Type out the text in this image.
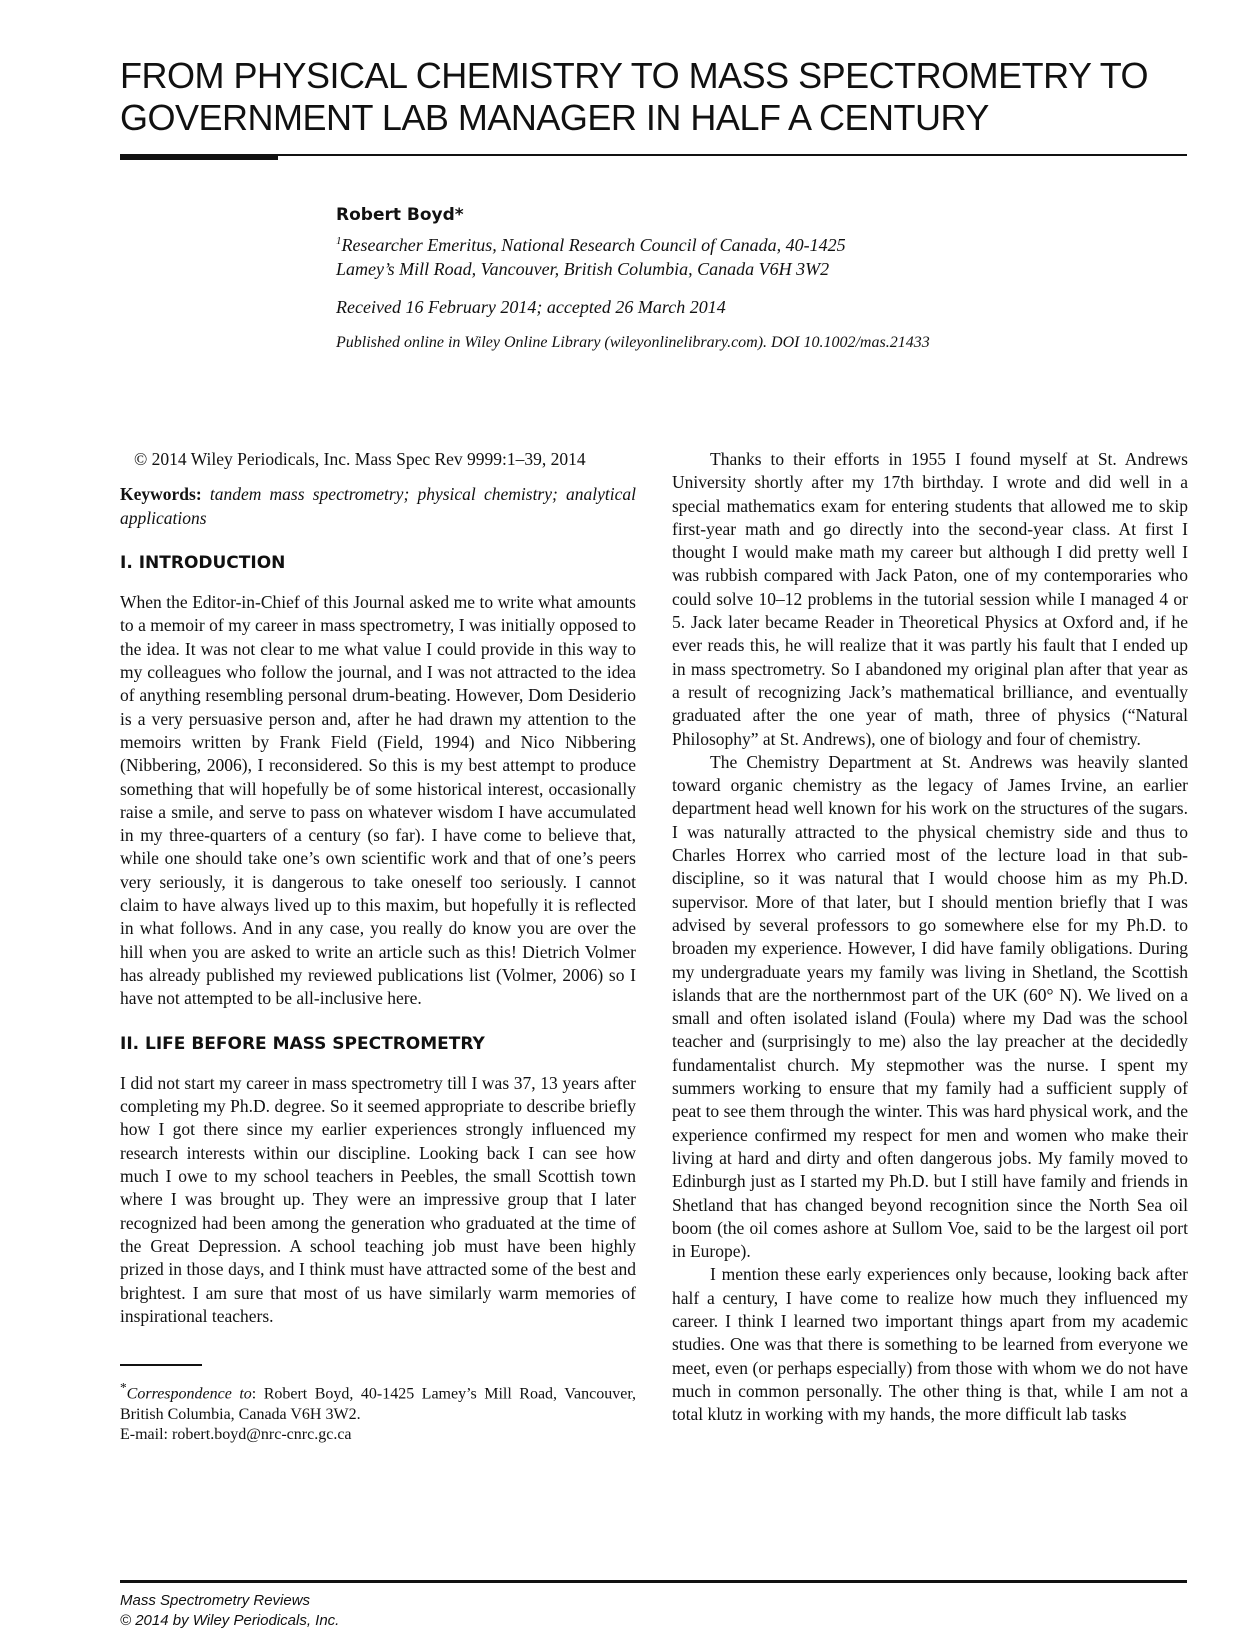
FROM PHYSICAL CHEMISTRY TO MASS SPECTROMETRY TO GOVERNMENT LAB MANAGER IN HALF A CENTURY

Robert Boyd*

$^1$Researcher Emeritus, National Research Council of Canada, 40-1425
Lamey’s Mill Road, Vancouver, British Columbia, Canada V6H 3W2

Received 16 February 2014; accepted 26 March 2014

Published online in Wiley Online Library (wileyonlinelibrary.com). DOI 10.1002/mas.21433

© 2014 Wiley Periodicals, Inc. Mass Spec Rev 9999:1–39, 2014

Keywords: tandem mass spectrometry; physical chemistry; analytical applications

I. INTRODUCTION

When the Editor-in-Chief of this Journal asked me to write what amounts to a memoir of my career in mass spectrometry, I was initially opposed to the idea. It was not clear to me what value I could provide in this way to my colleagues who follow the journal, and I was not attracted to the idea of anything resembling personal drum-beating. However, Dom Desiderio is a very persuasive person and, after he had drawn my attention to the memoirs written by Frank Field (Field, 1994) and Nico Nibbering (Nibbering, 2006), I reconsidered. So this is my best attempt to produce something that will hopefully be of some historical interest, occasionally raise a smile, and serve to pass on whatever wisdom I have accumulated in my three-quarters of a century (so far). I have come to believe that, while one should take one’s own scientific work and that of one’s peers very seriously, it is dangerous to take oneself too seriously. I cannot claim to have always lived up to this maxim, but hopefully it is reflected in what follows. And in any case, you really do know you are over the hill when you are asked to write an article such as this! Dietrich Volmer has already published my reviewed publications list (Volmer, 2006) so I have not attempted to be all-inclusive here.

II. LIFE BEFORE MASS SPECTROMETRY

I did not start my career in mass spectrometry till I was 37, 13 years after completing my Ph.D. degree. So it seemed appropriate to describe briefly how I got there since my earlier experiences strongly influenced my research interests within our discipline. Looking back I can see how much I owe to my school teachers in Peebles, the small Scottish town where I was brought up. They were an impressive group that I later recognized had been among the generation who graduated at the time of the Great Depression. A school teaching job must have been highly prized in those days, and I think must have attracted some of the best and brightest. I am sure that most of us have similarly warm memories of inspirational teachers.

*Correspondence to: Robert Boyd, 40-1425 Lamey’s Mill Road, Vancouver, British Columbia, Canada V6H 3W2.
E-mail: robert.boyd@nrc-cnrc.gc.ca

Thanks to their efforts in 1955 I found myself at St. Andrews University shortly after my 17th birthday. I wrote and did well in a special mathematics exam for entering students that allowed me to skip first-year math and go directly into the second-year class. At first I thought I would make math my career but although I did pretty well I was rubbish compared with Jack Paton, one of my contemporaries who could solve 10–12 problems in the tutorial session while I managed 4 or 5. Jack later became Reader in Theoretical Physics at Oxford and, if he ever reads this, he will realize that it was partly his fault that I ended up in mass spectrometry. So I abandoned my original plan after that year as a result of recognizing Jack’s mathematical brilliance, and eventually graduated after the one year of math, three of physics (“Natural Philosophy” at St. Andrews), one of biology and four of chemistry.

The Chemistry Department at St. Andrews was heavily slanted toward organic chemistry as the legacy of James Irvine, an earlier department head well known for his work on the structures of the sugars. I was naturally attracted to the physical chemistry side and thus to Charles Horrex who carried most of the lecture load in that sub-discipline, so it was natural that I would choose him as my Ph.D. supervisor. More of that later, but I should mention briefly that I was advised by several professors to go somewhere else for my Ph.D. to broaden my experience. However, I did have family obligations. During my undergraduate years my family was living in Shetland, the Scottish islands that are the northernmost part of the UK (60° N). We lived on a small and often isolated island (Foula) where my Dad was the school teacher and (surprisingly to me) also the lay preacher at the decidedly fundamentalist church. My stepmother was the nurse. I spent my summers working to ensure that my family had a sufficient supply of peat to see them through the winter. This was hard physical work, and the experience confirmed my respect for men and women who make their living at hard and dirty and often dangerous jobs. My family moved to Edinburgh just as I started my Ph.D. but I still have family and friends in Shetland that has changed beyond recognition since the North Sea oil boom (the oil comes ashore at Sullom Voe, said to be the largest oil port in Europe).

I mention these early experiences only because, looking back after half a century, I have come to realize how much they influenced my career. I think I learned two important things apart from my academic studies. One was that there is something to be learned from everyone we meet, even (or perhaps especially) from those with whom we do not have much in common personally. The other thing is that, while I am not a total klutz in working with my hands, the more difficult lab tasks

Mass Spectrometry Reviews
© 2014 by Wiley Periodicals, Inc.
